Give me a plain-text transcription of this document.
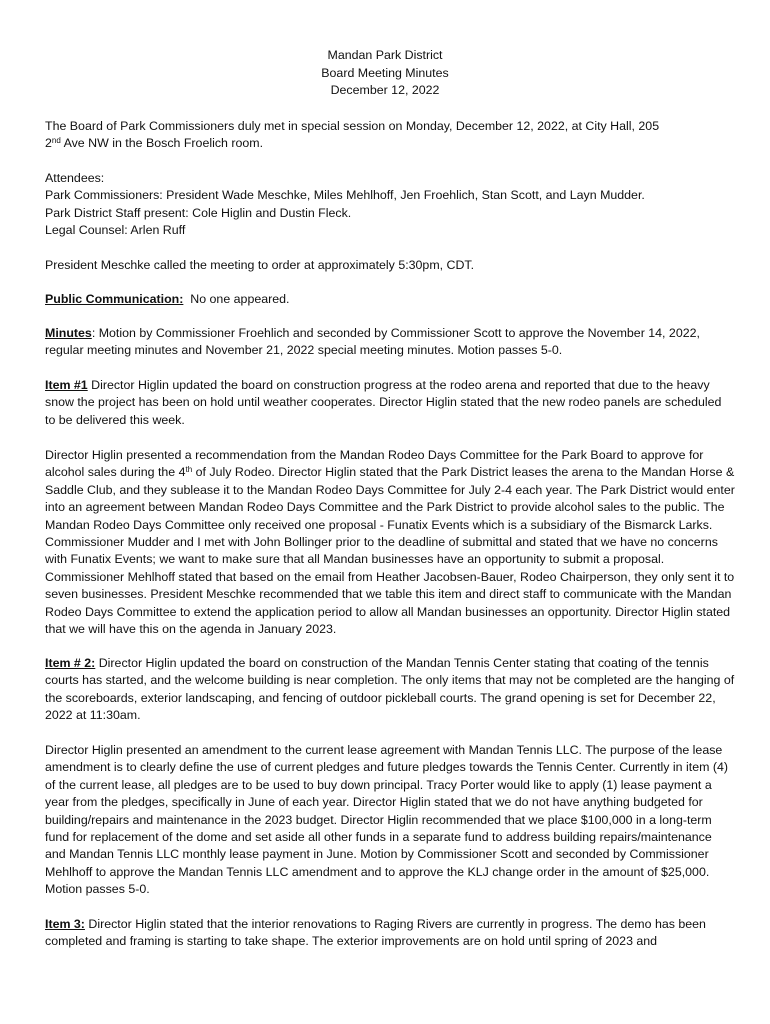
Mandan Park District
Board Meeting Minutes
December 12, 2022

The Board of Park Commissioners duly met in special session on Monday, December 12, 2022, at City Hall, 205
2nd Ave NW in the Bosch Froelich room.

Attendees:
Park Commissioners: President Wade Meschke, Miles Mehlhoff, Jen Froehlich, Stan Scott, and Layn Mudder.
Park District Staff present: Cole Higlin and Dustin Fleck.
Legal Counsel: Arlen Ruff

President Meschke called the meeting to order at approximately 5:30pm, CDT.

Public Communication:  No one appeared.

Minutes: Motion by Commissioner Froehlich and seconded by Commissioner Scott to approve the November 14, 2022, regular meeting minutes and November 21, 2022 special meeting minutes. Motion passes 5-0.

Item #1 Director Higlin updated the board on construction progress at the rodeo arena and reported that due to the heavy snow the project has been on hold until weather cooperates. Director Higlin stated that the new rodeo panels are scheduled to be delivered this week.

Director Higlin presented a recommendation from the Mandan Rodeo Days Committee for the Park Board to approve for alcohol sales during the 4th of July Rodeo. Director Higlin stated that the Park District leases the arena to the Mandan Horse & Saddle Club, and they sublease it to the Mandan Rodeo Days Committee for July 2-4 each year. The Park District would enter into an agreement between Mandan Rodeo Days Committee and the Park District to provide alcohol sales to the public. The Mandan Rodeo Days Committee only received one proposal - Funatix Events which is a subsidiary of the Bismarck Larks. Commissioner Mudder and I met with John Bollinger prior to the deadline of submittal and stated that we have no concerns with Funatix Events; we want to make sure that all Mandan businesses have an opportunity to submit a proposal. Commissioner Mehlhoff stated that based on the email from Heather Jacobsen-Bauer, Rodeo Chairperson, they only sent it to seven businesses. President Meschke recommended that we table this item and direct staff to communicate with the Mandan Rodeo Days Committee to extend the application period to allow all Mandan businesses an opportunity. Director Higlin stated that we will have this on the agenda in January 2023.

Item # 2: Director Higlin updated the board on construction of the Mandan Tennis Center stating that coating of the tennis courts has started, and the welcome building is near completion. The only items that may not be completed are the hanging of the scoreboards, exterior landscaping, and fencing of outdoor pickleball courts. The grand opening is set for December 22, 2022 at 11:30am.

Director Higlin presented an amendment to the current lease agreement with Mandan Tennis LLC. The purpose of the lease amendment is to clearly define the use of current pledges and future pledges towards the Tennis Center. Currently in item (4) of the current lease, all pledges are to be used to buy down principal. Tracy Porter would like to apply (1) lease payment a year from the pledges, specifically in June of each year. Director Higlin stated that we do not have anything budgeted for building/repairs and maintenance in the 2023 budget. Director Higlin recommended that we place $100,000 in a long-term fund for replacement of the dome and set aside all other funds in a separate fund to address building repairs/maintenance and Mandan Tennis LLC monthly lease payment in June. Motion by Commissioner Scott and seconded by Commissioner Mehlhoff to approve the Mandan Tennis LLC amendment and to approve the KLJ change order in the amount of $25,000. Motion passes 5-0.

Item 3: Director Higlin stated that the interior renovations to Raging Rivers are currently in progress. The demo has been completed and framing is starting to take shape. The exterior improvements are on hold until spring of 2023 and
